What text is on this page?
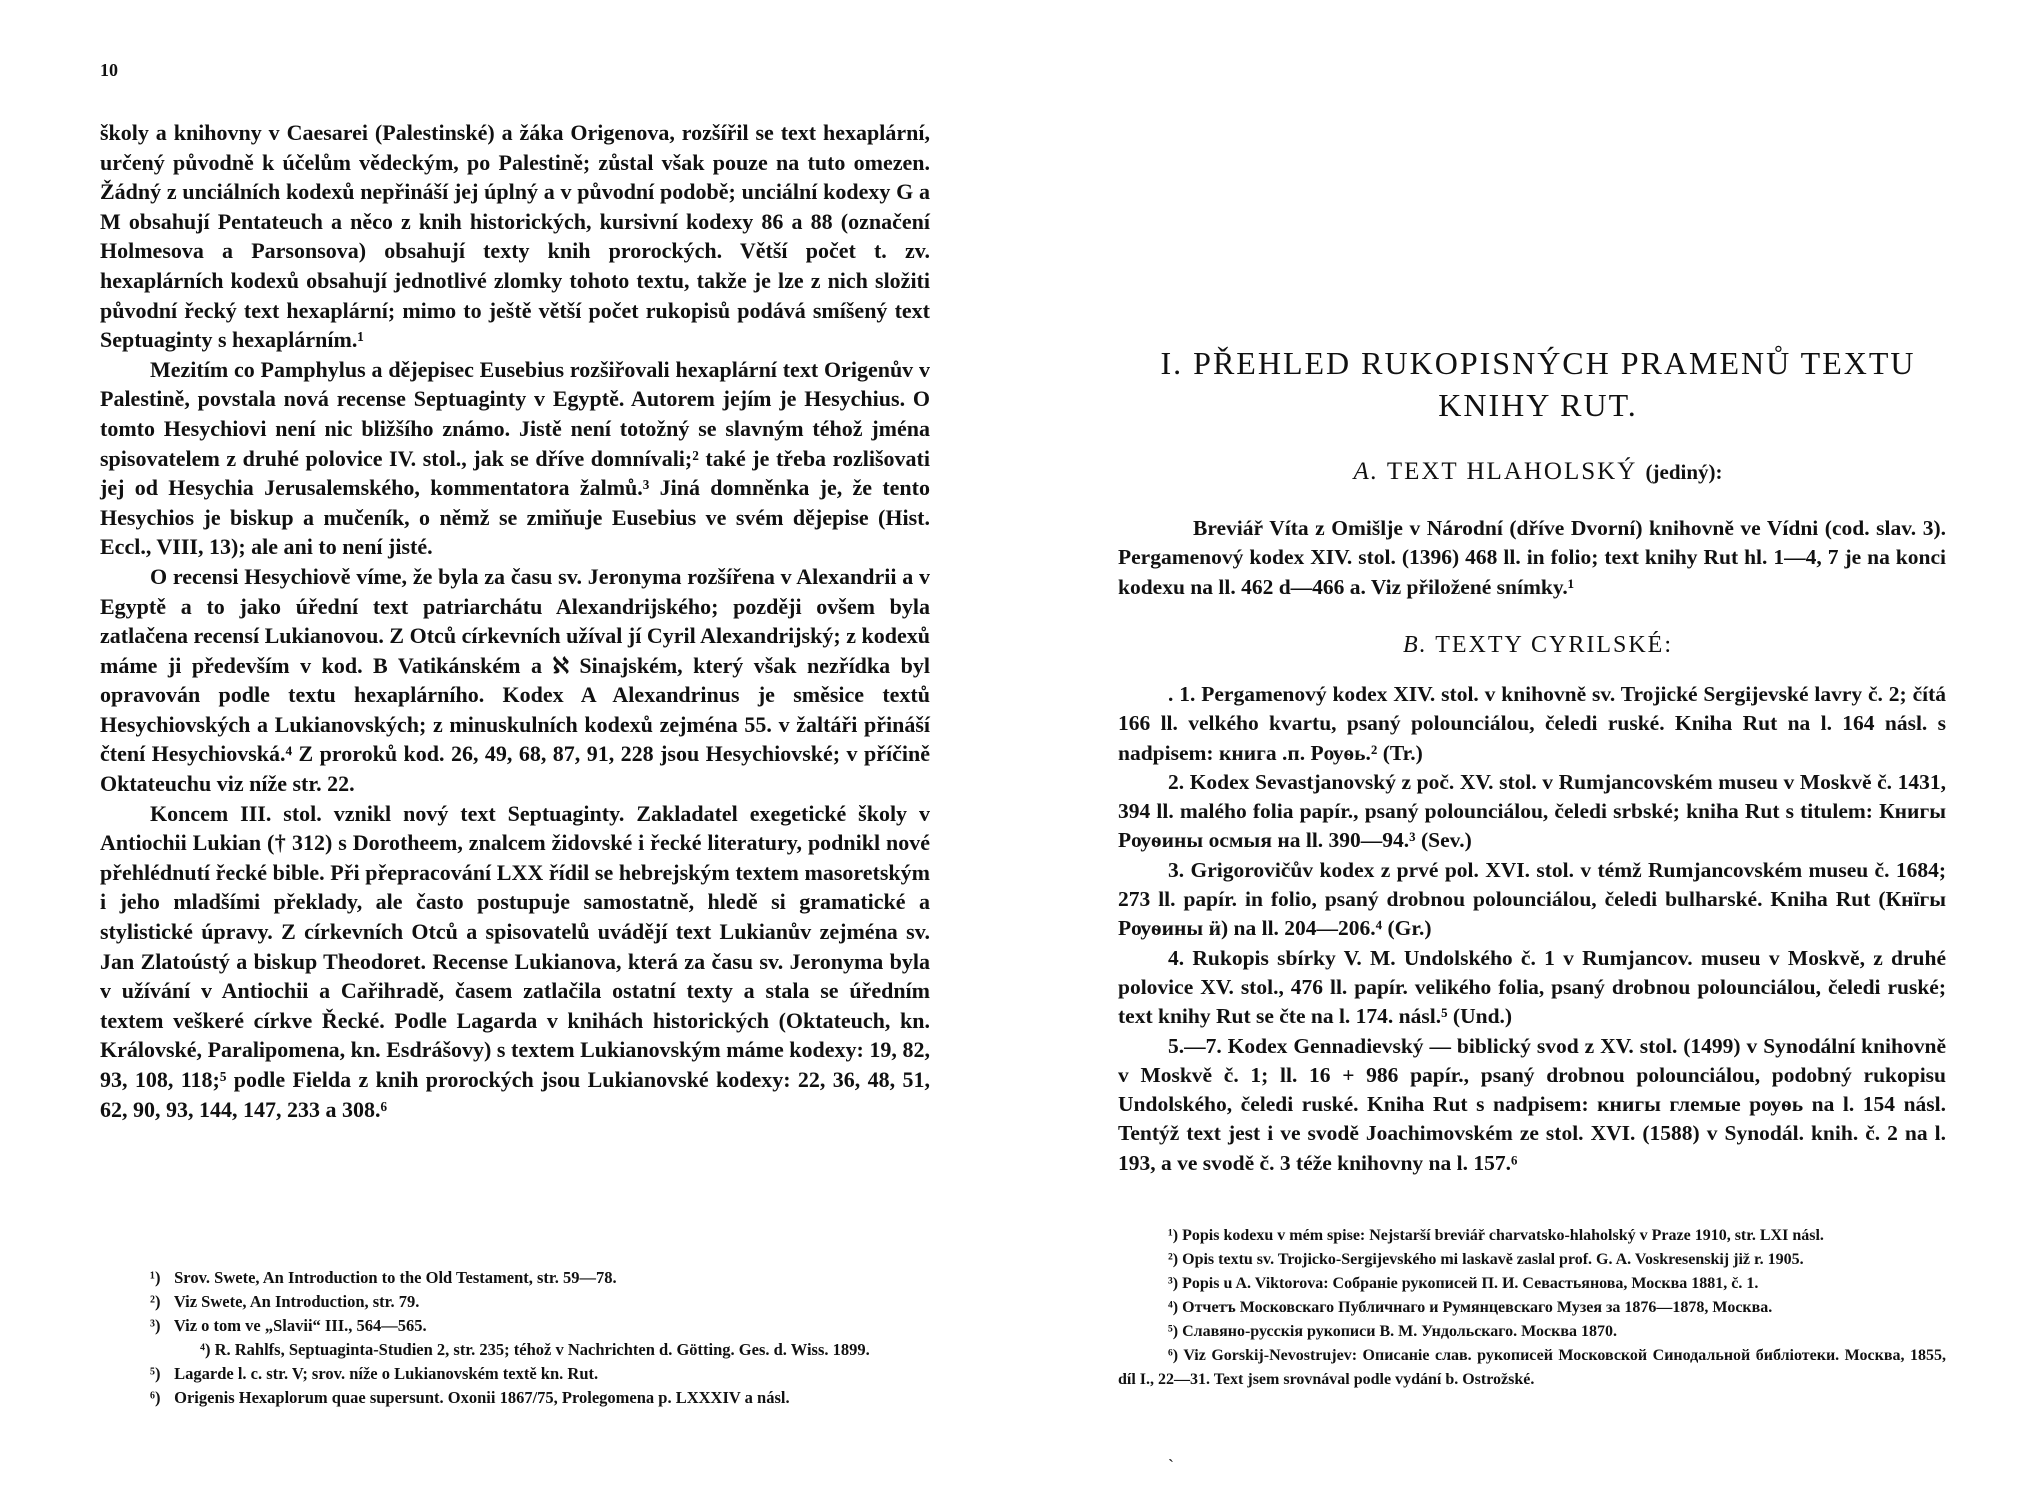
10

školy a knihovny v Caesarei (Palestinské) a žáka Origenova, rozšířil se text hexaplární, určený původně k účelům vědeckým, po Palestině; zůstal však pouze na tuto omezen. Žádný z unciálních kodexů nepřináší jej úplný a v původní podobě; unciální kodexy G a M obsahují Pentateuch a něco z knih historických, kursivní kodexy 86 a 88 (označení Holmesova a Parsonsova) obsahují texty knih prorockých. Větší počet t. zv. hexaplárních kodexů obsahují jednotlivé zlomky tohoto textu, takže je lze z nich složiti původní řecký text hexaplární; mimo to ještě větší počet rukopisů podává smíšený text Septuaginty s hexaplárním.¹

Mezitím co Pamphylus a dějepisec Eusebius rozšiřovali hexaplární text Origenův v Palestině, povstala nová recense Septuaginty v Egyptě. Autorem jejím je Hesychius. O tomto Hesychiovi není nic bližšího známo. Jistě není totožný se slavným téhož jména spisovatelem z druhé polovice IV. stol., jak se dříve domnívali;² také je třeba rozlišovati jej od Hesychia Jerusalemského, kommentatora žalmů.³ Jiná domněnka je, že tento Hesychios je biskup a mučeník, o němž se zmiňuje Eusebius ve svém dějepise (Hist. Eccl., VIII, 13); ale ani to není jisté.

O recensi Hesychiově víme, že byla za času sv. Jeronyma rozšířena v Alexandrii a v Egyptě a to jako úřední text patriarchátu Alexandrijského; později ovšem byla zatlačena recensí Lukianovou. Z Otců církevních užíval jí Cyril Alexandrijský; z kodexů máme ji především v kod. B Vatikánském a ℵ Sinajském, který však nezřídka byl opravován podle textu hexaplárního. Kodex A Alexandrinus je směsice textů Hesychiovských a Lukianovských; z minuskulních kodexů zejména 55. v žaltáři přináší čtení Hesychiovská.⁴ Z proroků kod. 26, 49, 68, 87, 91, 228 jsou Hesychiovské; v příčině Oktateuchu viz níže str. 22.

Koncem III. stol. vznikl nový text Septuaginty. Zakladatel exegetické školy v Antiochii Lukian († 312) s Dorotheem, znalcem židovské i řecké literatury, podnikl nové přehlédnutí řecké bible. Při přepracování LXX řídil se hebrejským textem masoretským i jeho mladšími překlady, ale často postupuje samostatně, hledě si gramatické a stylistické úpravy. Z církevních Otců a spisovatelů uvádějí text Lukianův zejména sv. Jan Zlatoústý a biskup Theodoret. Recense Lukianova, která za času sv. Jeronyma byla v užívání v Antiochii a Cařihradě, časem zatlačila ostatní texty a stala se úředním textem veškeré církve Řecké. Podle Lagarda v knihách historických (Oktateuch, kn. Královské, Paralipomena, kn. Esdrášovy) s textem Lukianovským máme kodexy: 19, 82, 93, 108, 118;⁵ podle Fielda z knih prorockých jsou Lukianovské kodexy: 22, 36, 48, 51, 62, 90, 93, 144, 147, 233 a 308.⁶

¹) Srov. Swete, An Introduction to the Old Testament, str. 59—78.

²) Viz Swete, An Introduction, str. 79.

³) Viz o tom ve „Slavii“ III., 564—565.

⁴) R. Rahlfs, Septuaginta-Studien 2, str. 235; téhož v Nachrichten d. Götting. Ges. d. Wiss. 1899.

⁵) Lagarde l. c. str. V; srov. níže o Lukianovském textě kn. Rut.

⁶) Origenis Hexaplorum quae supersunt. Oxonii 1867/75, Prolegomena p. LXXXIV a násl.

I. PŘEHLED RUKOPISNÝCH PRAMENŮ TEXTU
KNIHY RUT.
A. TEXT HLAHOLSKÝ (jediný):

Breviář Víta z Omišlje v Národní (dříve Dvorní) knihovně ve Vídni (cod. slav. 3). Pergamenový kodex XIV. stol. (1396) 468 ll. in folio; text knihy Rut hl. 1—4, 7 je na konci kodexu na ll. 462 d—466 a. Viz přiložené snímky.¹

B. TEXTY CYRILSKÉ:

. 1. Pergamenový kodex XIV. stol. v knihovně sv. Trojické Sergijevské lavry č. 2; čítá 166 ll. velkého kvartu, psaný polounciálou, čeledi ruské. Kniha Rut na l. 164 násl. s nadpisem: книга .п. Рѹѳь.² (Tr.)

2. Kodex Sevastjanovský z poč. XV. stol. v Rumjancovském museu v Moskvě č. 1431, 394 ll. malého folia papír., psaný polounciálou, čeledi srbské; kniha Rut s titulem: Книгы Рѹѳины осмыя на ll. 390—94.³ (Sev.)

3. Grigorovičův kodex z prvé pol. XVI. stol. v témž Rumjancovském museu č. 1684; 273 ll. papír. in folio, psaný drobnou polounciálou, čeledi bulharské. Kniha Rut (Кнїгы Рѹѳины ӥ) na ll. 204—206.⁴ (Gr.)

4. Rukopis sbírky V. M. Undolského č. 1 v Rumjancov. museu v Moskvě, z druhé polovice XV. stol., 476 ll. papír. velikého folia, psaný drobnou polounciálou, čeledi ruské; text knihy Rut se čte na l. 174. násl.⁵ (Und.)

5.—7. Kodex Gennadievský — biblický svod z XV. stol. (1499) v Synodální knihovně v Moskvě č. 1; ll. 16 + 986 papír., psaný drobnou polounciálou, podobný rukopisu Undolského, čeledi ruské. Kniha Rut s nadpisem: книгы глемые рѹѳь na l. 154 násl. Tentýž text jest i ve svodě Joachimovském ze stol. XVI. (1588) v Synodál. knih. č. 2 na l. 193, a ve svodě č. 3 téže knihovny na l. 157.⁶

¹) Popis kodexu v mém spise: Nejstarší breviář charvatsko-hlaholský v Praze 1910, str. LXI násl.

²) Opis textu sv. Trojicko-Sergijevského mi laskavě zaslal prof. G. A. Voskresenskij již r. 1905.

³) Popis u A. Viktorova: Собранiе рукописей П. И. Севастьянова, Москва 1881, č. 1.

⁴) Отчетъ Московскаго Публичнаго и Румянцевскаго Музея за 1876—1878, Москва.

⁵) Славяно-русскiя рукописи В. М. Ундольскаго. Москва 1870.

⁶) Viz Gorskij-Nevostrujev: Описанie слав. рукописей Московской Синодальной библiотеки. Москва, 1855, díl I., 22—31. Text jsem srovnával podle vydání b. Ostrožské.

`
